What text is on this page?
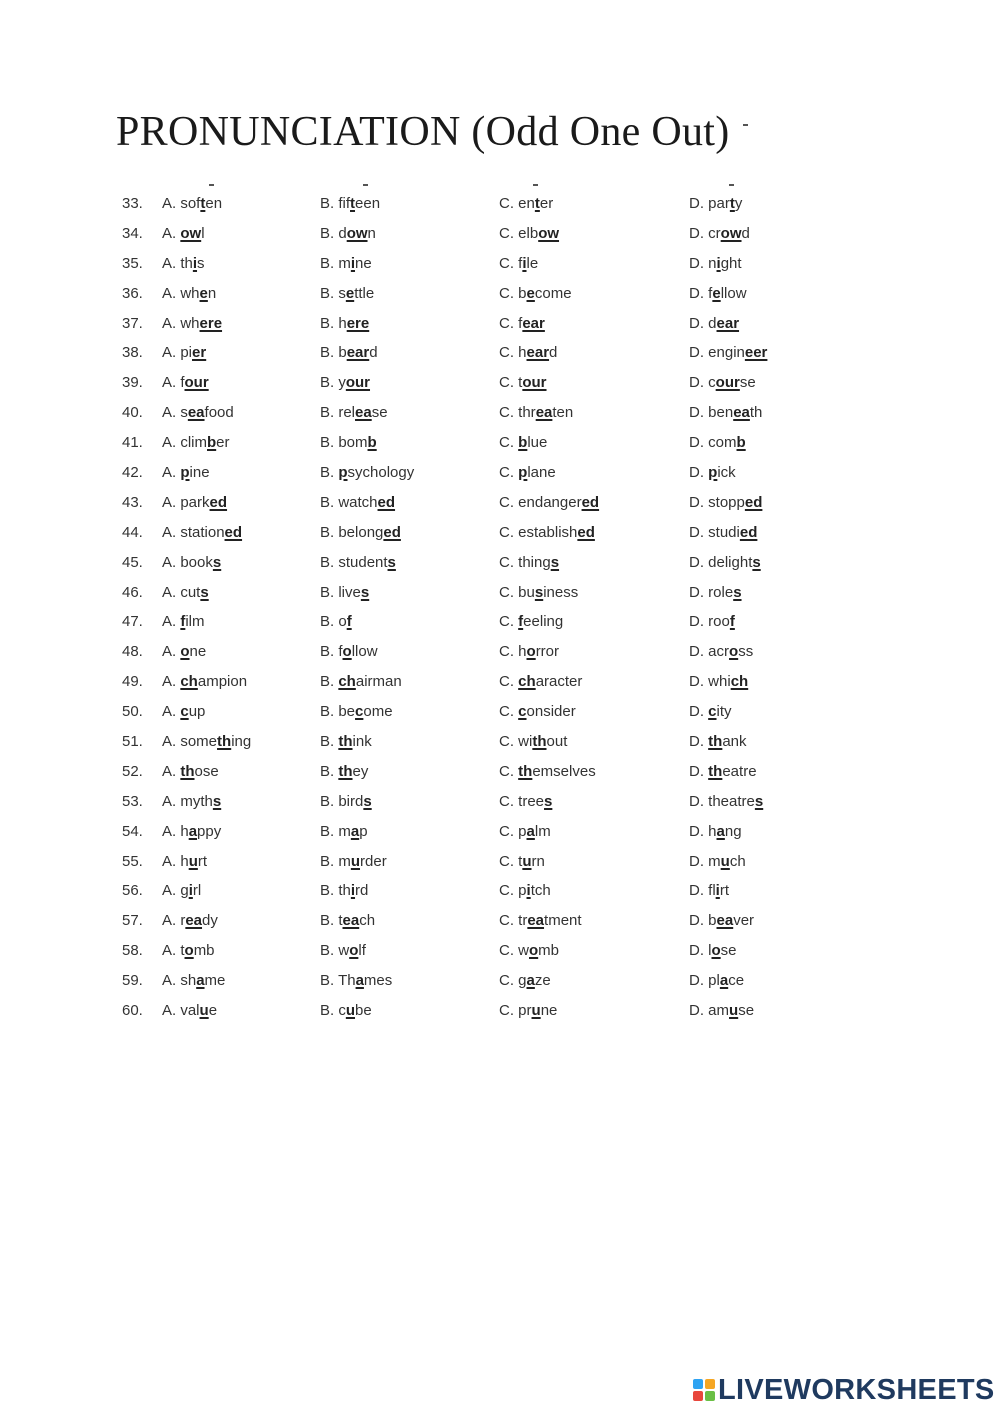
PRONUNCIATION (Odd One Out)
33. A. soften	B. fifteen	C. enter	D. party
34. A. owl	B. down	C. elbow	D. crowd
35. A. this	B. mine	C. file	D. night
36. A. when	B. settle	C. become	D. fellow
37. A. where	B. here	C. fear	D. dear
38. A. pier	B. beard	C. heard	D. engineer
39. A. four	B. your	C. tour	D. course
40. A. seafood	B. release	C. threaten	D. beneath
41. A. climber	B. bomb	C. blue	D. comb
42. A. pine	B. psychology	C. plane	D. pick
43. A. parked	B. watched	C. endangered	D. stopped
44. A. stationed	B. belonged	C. established	D. studied
45. A. books	B. students	C. things	D. delights
46. A. cuts	B. lives	C. business	D. roles
47. A. film	B. of	C. feeling	D. roof
48. A. one	B. follow	C. horror	D. across
49. A. champion	B. chairman	C. character	D. which
50. A. cup	B. become	C. consider	D. city
51. A. something	B. think	C. without	D. thank
52. A. those	B. they	C. themselves	D. theatre
53. A. myths	B. birds	C. trees	D. theatres
54. A. happy	B. map	C. palm	D. hang
55. A. hurt	B. murder	C. turn	D. much
56. A. girl	B. third	C. pitch	D. flirt
57. A. ready	B. teach	C. treatment	D. beaver
58. A. tomb	B. wolf	C. womb	D. lose
59. A. shame	B. Thames	C. gaze	D. place
60. A. value	B. cube	C. prune	D. amuse
LIVEWORKSHEETS
